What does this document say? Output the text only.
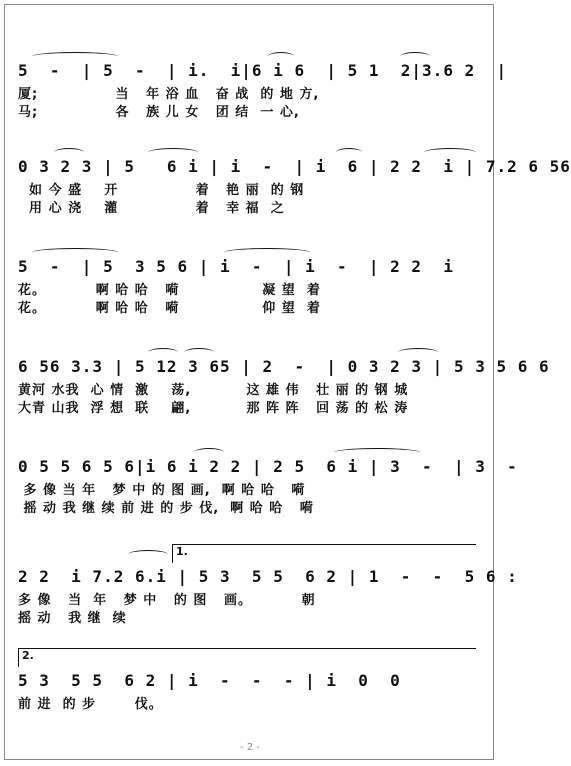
5  -  | 5  -  | i.  i|6 i 6  | 5 1  2|3.6 2  |
厦;              当   年 浴 血   奋 战  的 地 方,
马;              各   族 儿 女   团 结  一 心,
0 3 2 3 | 5   6 i | i  -  | i  6 | 2 2  i | 7.2 6 56
如 今 盛    开              着   艳 丽  的 钢
用 心 浇    灌              着   幸 福  之
5  -  | 5  3 5 6 | i  -  | i  -  | 2 2  i
花。         啊 哈 哈   嗬               凝 望  着
花。         啊 哈 哈   嗬               仰 望  着
6 56 3.3 | 5 12 3 65 | 2  -  | 0 3 2 3 | 5 3 5 6 6
黄河 水我  心 情  激    荡,          这 雄 伟   壮 丽 的 钢 城
大青 山我  浮 想  联    翩,          那 阵 阵   回 荡 的 松 涛
0 5 5 6 5 6|i 6 i 2 2 | 2 5  6 i | 3  -  | 3  -
多 像 当 年   梦 中 的 图 画,  啊 哈 哈   嗬
摇 动 我 继 续 前 进 的 步 伐,  啊 哈 哈   嗬
1.
2 2  i 7.2 6.i | 5 3  5 5  6 2 | 1  -  -  5 6 :
多 像   当  年   梦 中   的 图   画。         朝
摇 动   我 继  续
2.
5 3  5 5  6 2 | i  -  -  - | i  0  0
前 进  的 步       伐。
- 2 -
